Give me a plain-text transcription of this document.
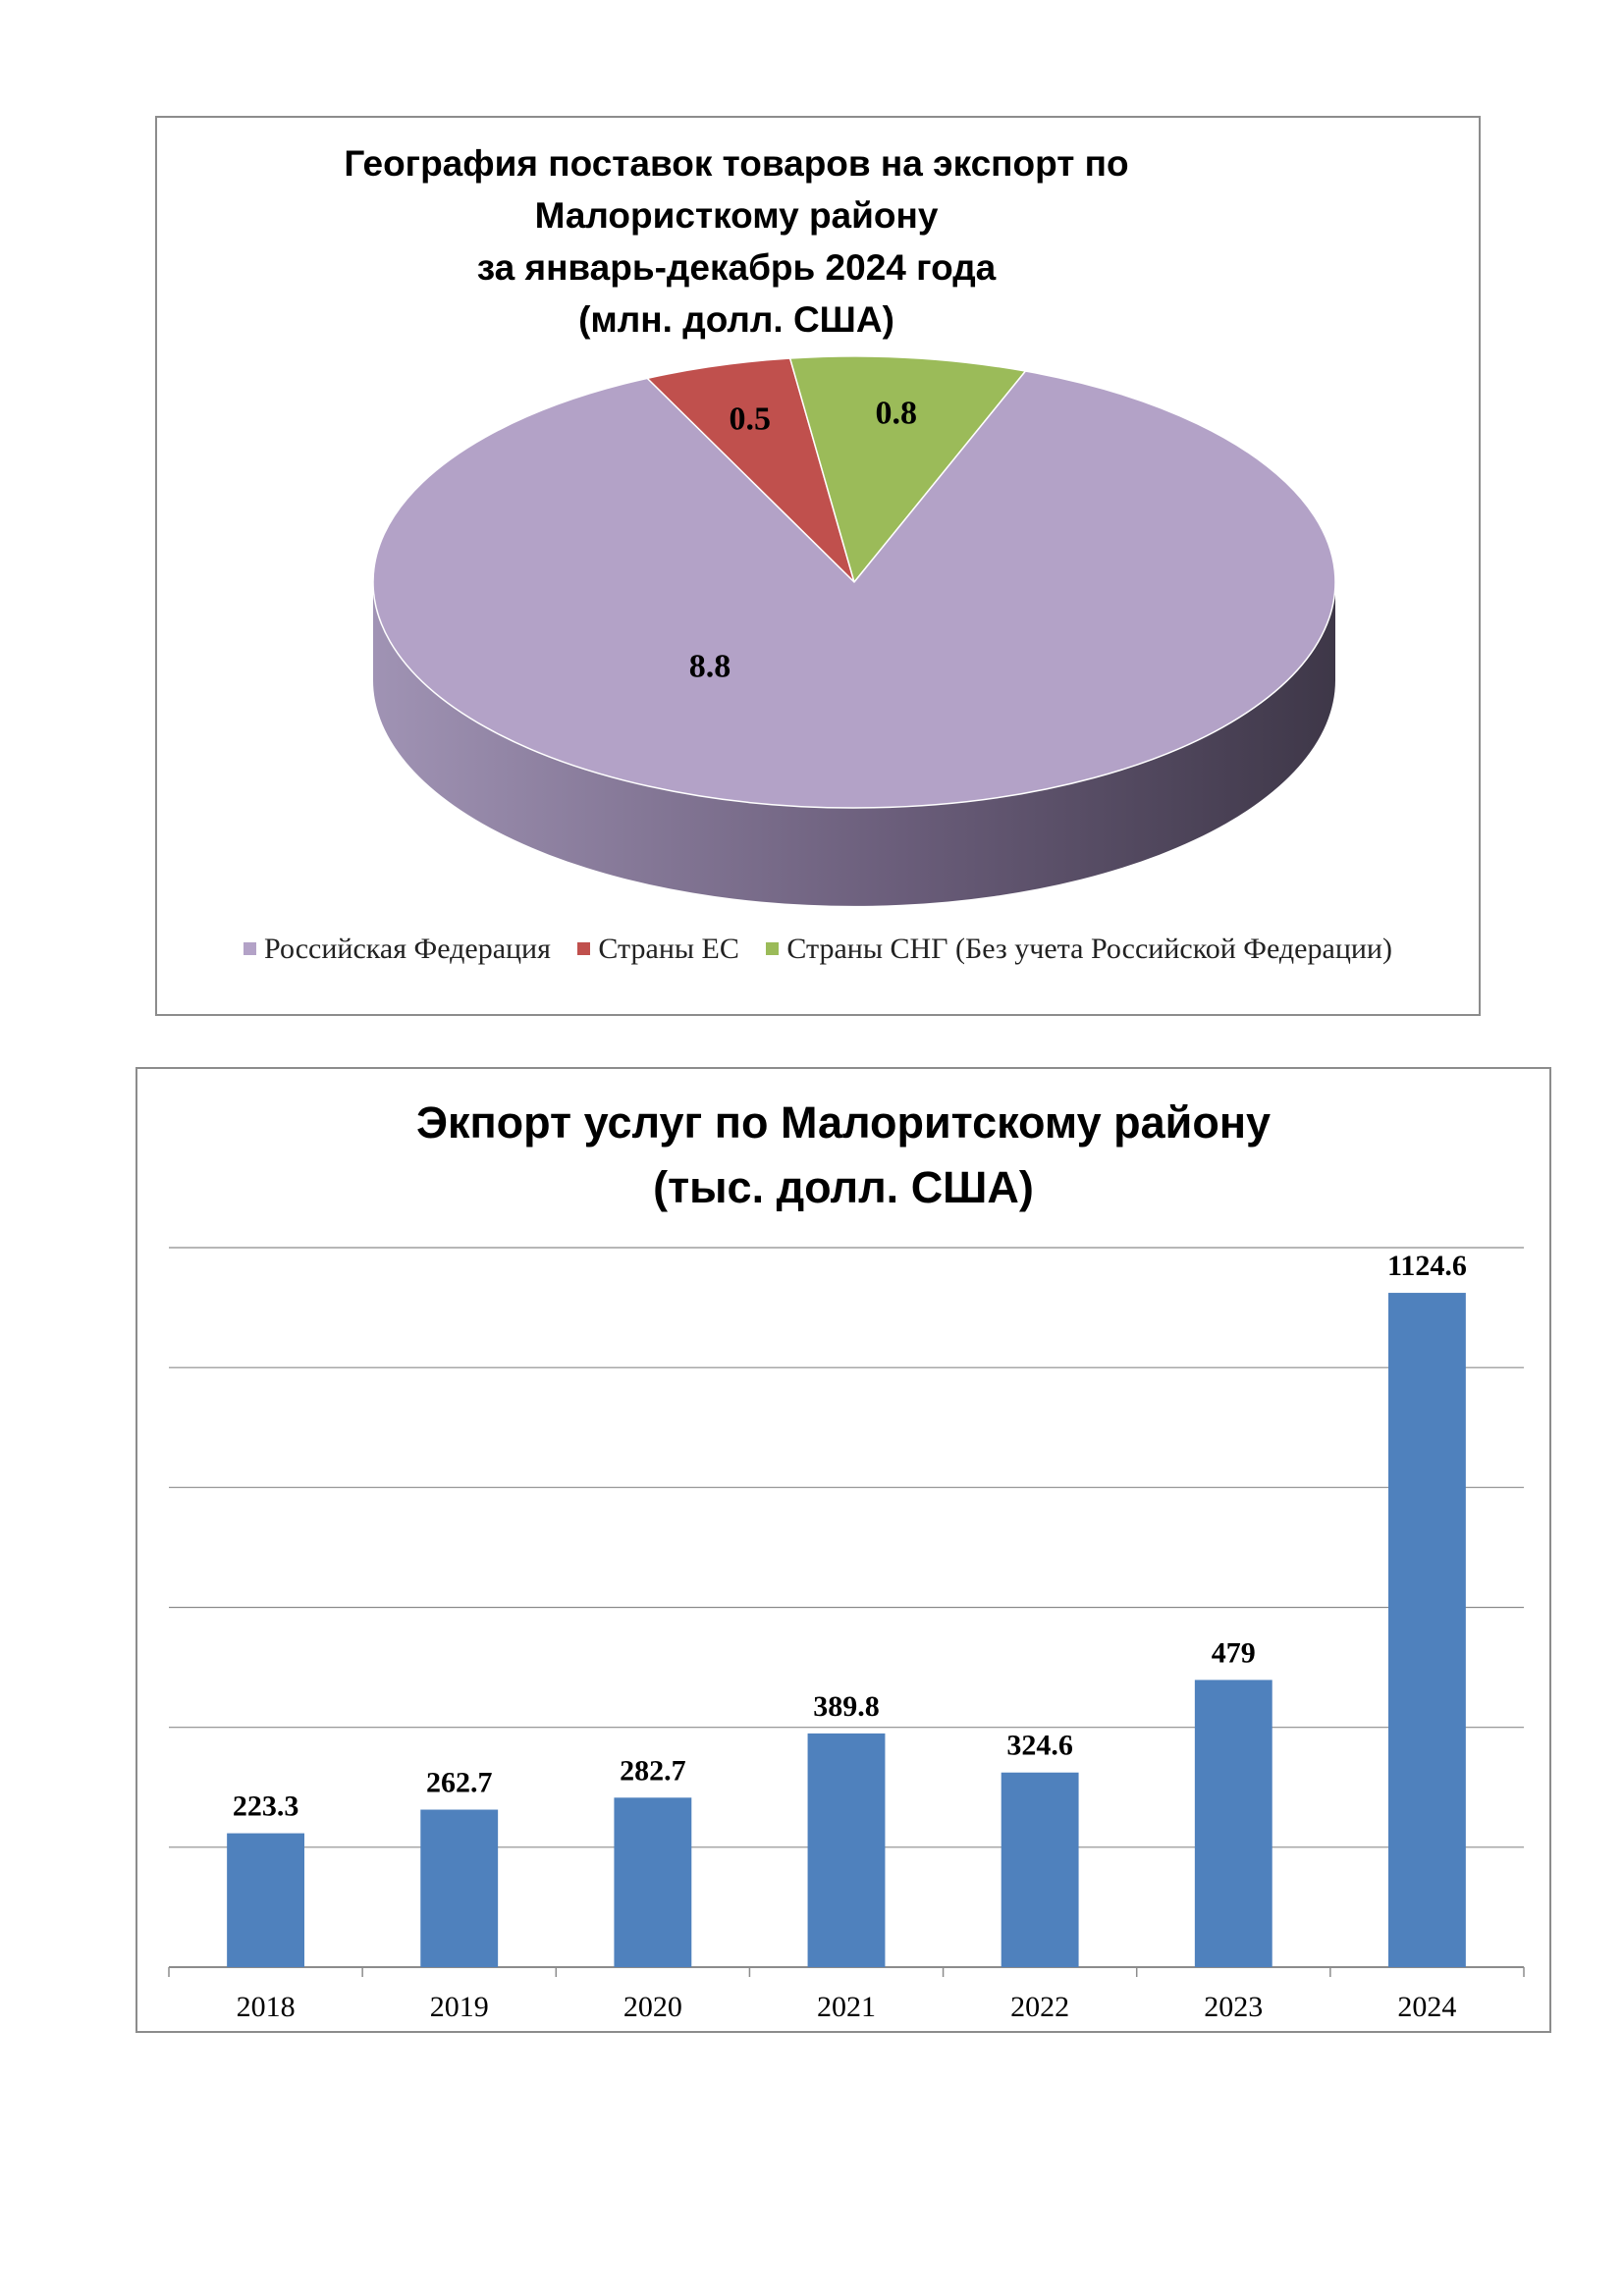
География поставок товаров на экспорт по
Малористкому району
за январь-декабрь 2024 года
(млн. долл. США)
0.5	0.8
8.8
Российская Федерация Страны ЕС Страны СНГ (Без учета Российской Федерации)
Экпорт услуг по Малоритскому району
(тыс. долл. США)
223.3
2018
262.7
2019
282.7
2020
389.8
2021
324.6
2022
479
2023
1124.6
2024
